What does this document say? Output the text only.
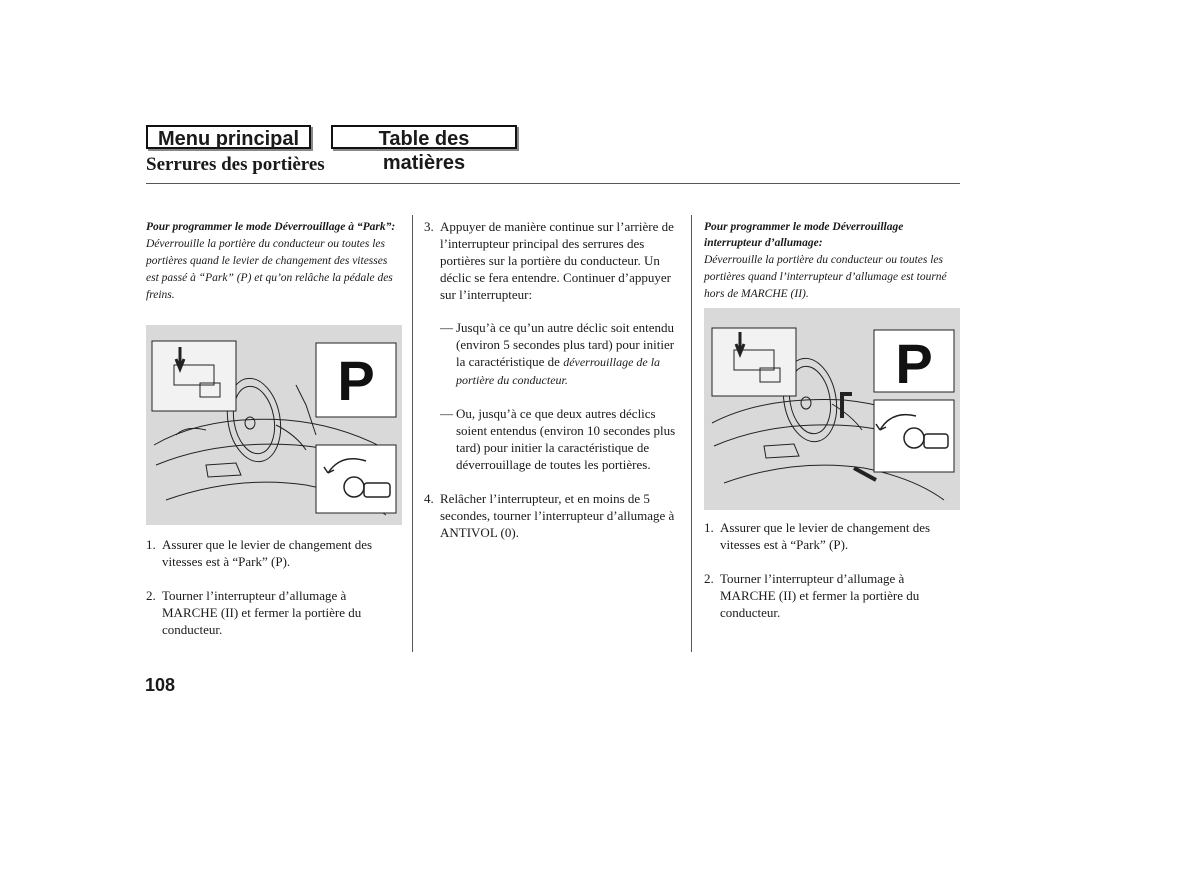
Menu principal	Table des matières
Serrures des portières
Pour programmer le mode Déverrouillage à “Park”:
Déverrouille la portière du conducteur ou toutes les portières quand le levier de changement des vitesses est passé à “Park” (P) et qu’on relâche la pédale des freins.
P
1. Assurer que le levier de changement des vitesses est à “Park” (P).
2. Tourner l’interrupteur d’allumage à MARCHE (II) et fermer la portière du conducteur.
3. Appuyer de manière continue sur l’arrière de l’interrupteur principal des serrures des portières sur la portière du conducteur. Un déclic se fera entendre. Continuer d’appuyer sur l’interrupteur:
— Jusqu’à ce qu’un autre déclic soit entendu (environ 5 secondes plus tard) pour initier la caractéristique de déverrouillage de la portière du conducteur.
— Ou, jusqu’à ce que deux autres déclics soient entendus (environ 10 secondes plus tard) pour initier la caractéristique de déverrouillage de toutes les portières.
4. Relâcher l’interrupteur, et en moins de 5 secondes, tourner l’interrupteur d’allumage à ANTIVOL (0).
Pour programmer le mode Déverrouillage interrupteur d’allumage:
Déverrouille la portière du conducteur ou toutes les portières quand l’interrupteur d’allumage est tourné hors de MARCHE (II).
P
1. Assurer que le levier de changement des vitesses est à “Park” (P).
2. Tourner l’interrupteur d’allumage à MARCHE (II) et fermer la portière du conducteur.
108
